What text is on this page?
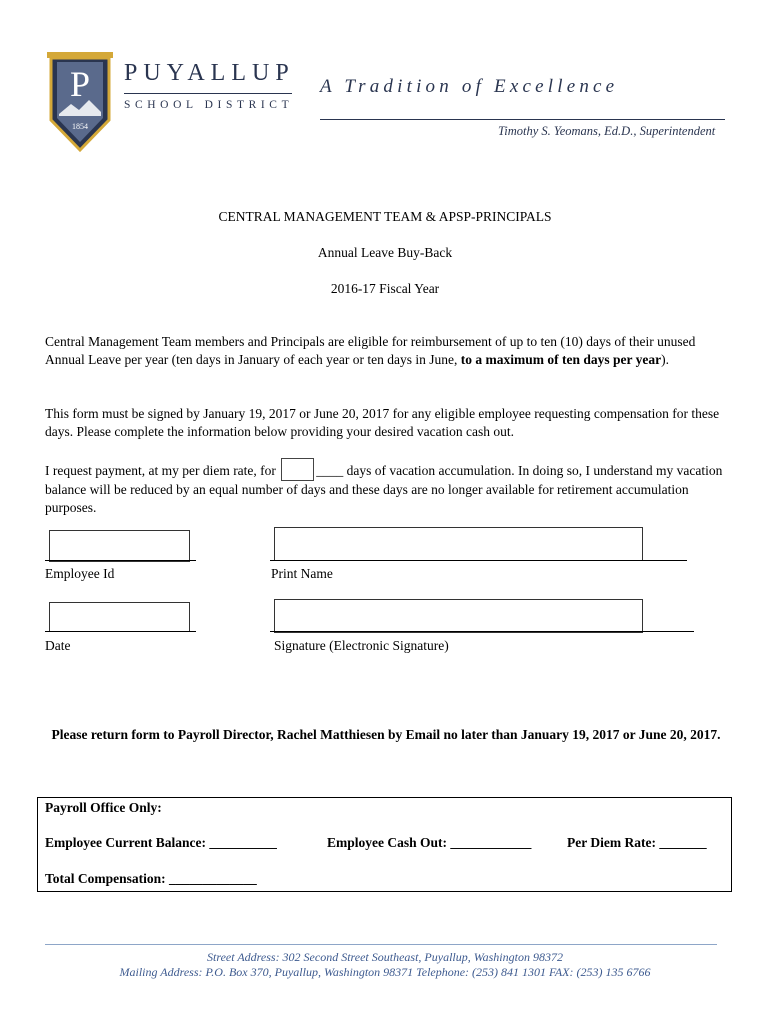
P
1854
PUYALLUP
SCHOOL DISTRICT
A Tradition of Excellence
Timothy S. Yeomans, Ed.D., Superintendent
CENTRAL MANAGEMENT TEAM & APSP-PRINCIPALS
Annual Leave Buy-Back
2016-17 Fiscal Year
Central Management Team members and Principals are eligible for reimbursement of up to ten (10) days of their unused Annual Leave per year (ten days in January of each year or ten days in June, to a maximum of ten days per year).
This form must be signed by January 19, 2017 or June 20, 2017 for any eligible employee requesting compensation for these days. Please complete the information below providing your desired vacation cash out.
I request payment, at my per diem rate, for	____ days of vacation accumulation. In doing so, I understand my vacation balance will be reduced by an equal number of days and these days are no longer available for retirement accumulation purposes.
Employee Id	Print Name
Date	Signature (Electronic Signature)
Please return form to Payroll Director, Rachel Matthiesen by Email no later than January 19, 2017 or June 20, 2017.
Payroll Office Only:
Employee Current Balance: __________	Employee Cash Out: ____________	Per Diem Rate: _______
Total Compensation: _____________
Street Address: 302 Second Street Southeast, Puyallup, Washington 98372
Mailing Address: P.O. Box 370, Puyallup, Washington 98371 Telephone: (253) 841 1301 FAX: (253) 135 6766
